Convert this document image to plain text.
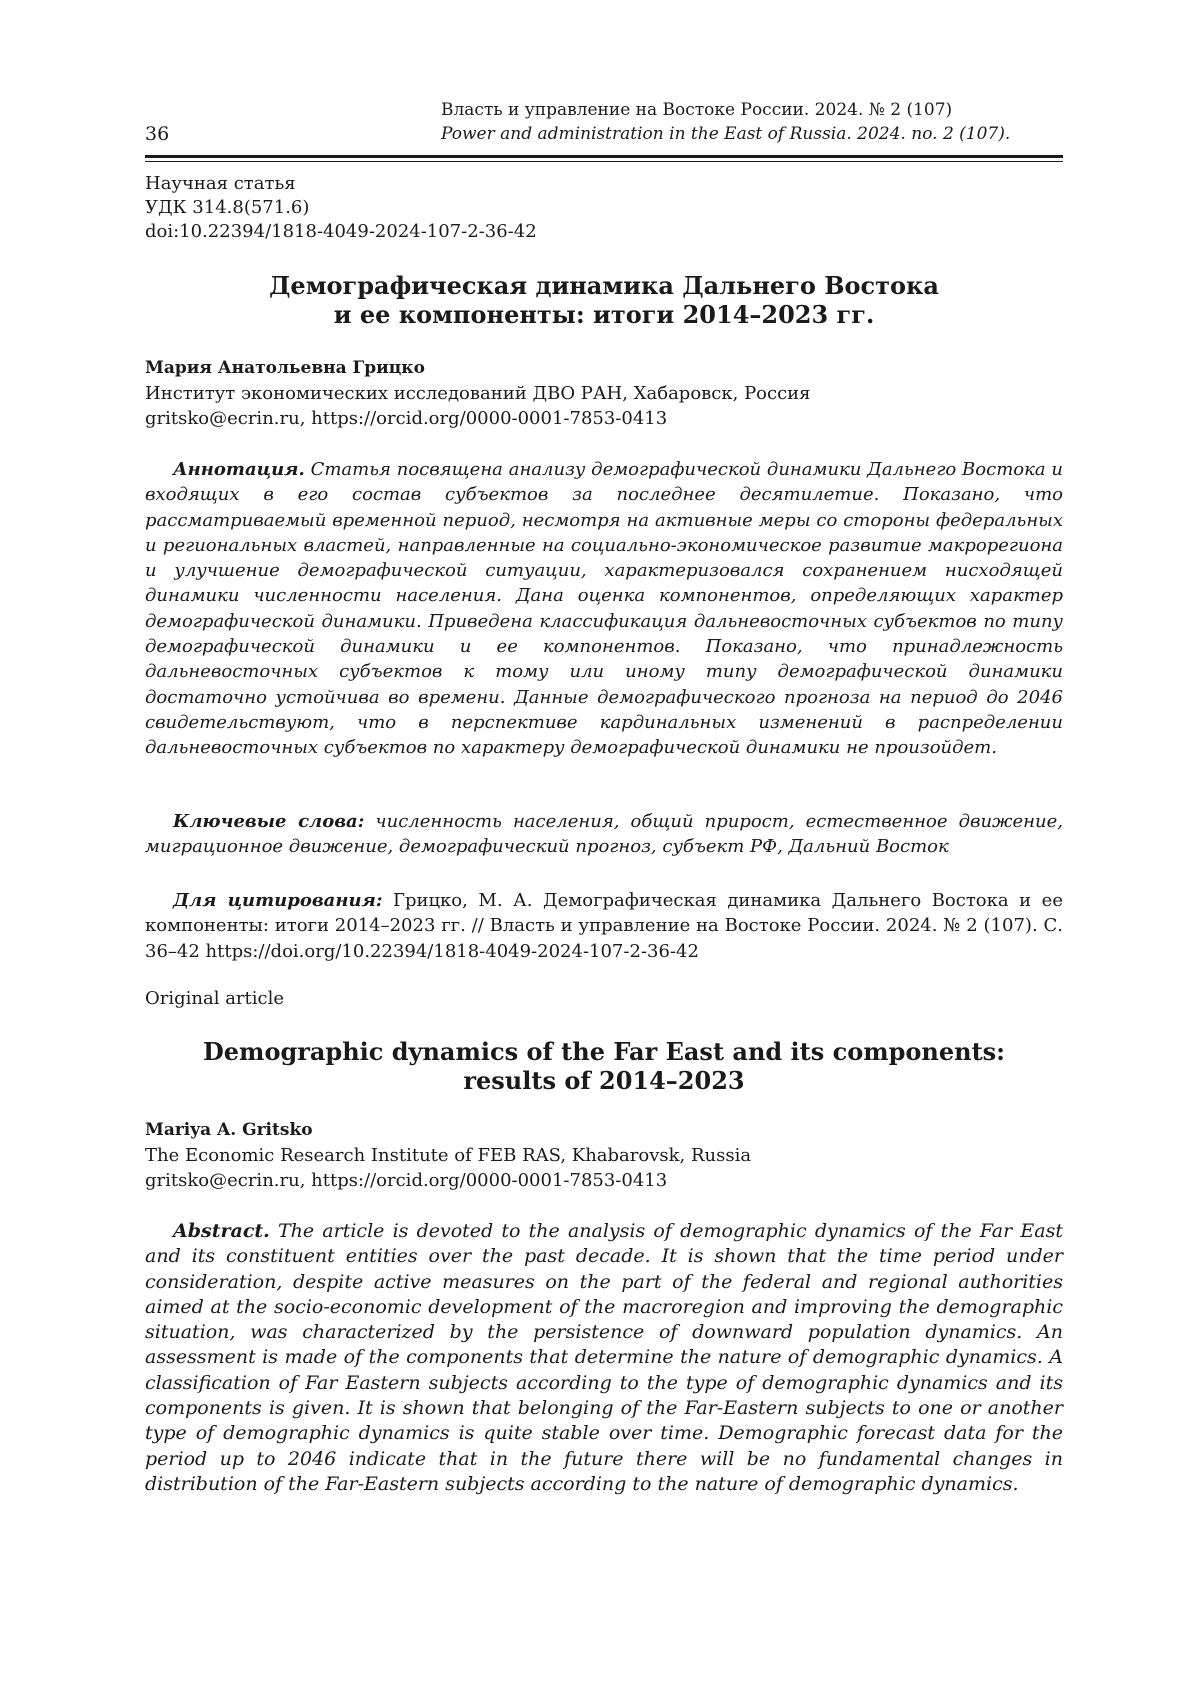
36
Власть и управление на Востоке России. 2024. № 2 (107)
Power and administration in the East of Russia. 2024. no. 2 (107).
Научная статья
УДК 314.8(571.6)
doi:10.22394/1818-4049-2024-107-2-36-42
Демографическая динамика Дальнего Востока
и ее компоненты: итоги 2014–2023 гг.
Мария Анатольевна Грицко
Институт экономических исследований ДВО РАН, Хабаровск, Россия
gritsko@ecrin.ru, https://orcid.org/0000-0001-7853-0413
Аннотация. Статья посвящена анализу демографической динамики Дальнего Востока и входящих в его состав субъектов за последнее десятилетие. Показано, что рассматриваемый временной период, несмотря на активные меры со стороны федеральных и региональных властей, направленные на социально-экономическое развитие макрорегиона и улучшение демографической ситуации, характеризовался сохранением нисходящей динамики численности населения. Дана оценка компонентов, определяющих характер демографической динамики. Приведена классификация дальневосточных субъектов по типу демографической динамики и ее компонентов. Показано, что принадлежность дальневосточных субъектов к тому или иному типу демографической динамики достаточно устойчива во времени. Данные демографического прогноза на период до 2046 свидетельствуют, что в перспективе кардинальных изменений в распределении дальневосточных субъектов по характеру демографической динамики не произойдет.
Ключевые слова: численность населения, общий прирост, естественное движение, миграционное движение, демографический прогноз, субъект РФ, Дальний Восток
Для цитирования: Грицко, М. А. Демографическая динамика Дальнего Востока и ее компоненты: итоги 2014–2023 гг. // Власть и управление на Востоке России. 2024. № 2 (107). С. 36–42 https://doi.org/10.22394/1818-4049-2024-107-2-36-42
Original article
Demographic dynamics of the Far East and its components:
results of 2014–2023
Mariya A. Gritsko
The Economic Research Institute of FEB RAS, Khabarovsk, Russia
gritsko@ecrin.ru, https://orcid.org/0000-0001-7853-0413
Abstract. The article is devoted to the analysis of demographic dynamics of the Far East and its constituent entities over the past decade. It is shown that the time period under consideration, despite active measures on the part of the federal and regional authorities aimed at the socio-economic development of the macroregion and improving the demographic situation, was characterized by the persistence of downward population dynamics. An assessment is made of the components that determine the nature of demographic dynamics. A classification of Far Eastern subjects according to the type of demographic dynamics and its components is given. It is shown that belonging of the Far-Eastern subjects to one or another type of demographic dynamics is quite stable over time. Demographic forecast data for the period up to 2046 indicate that in the future there will be no fundamental changes in distribution of the Far-Eastern subjects according to the nature of demographic dynamics.
